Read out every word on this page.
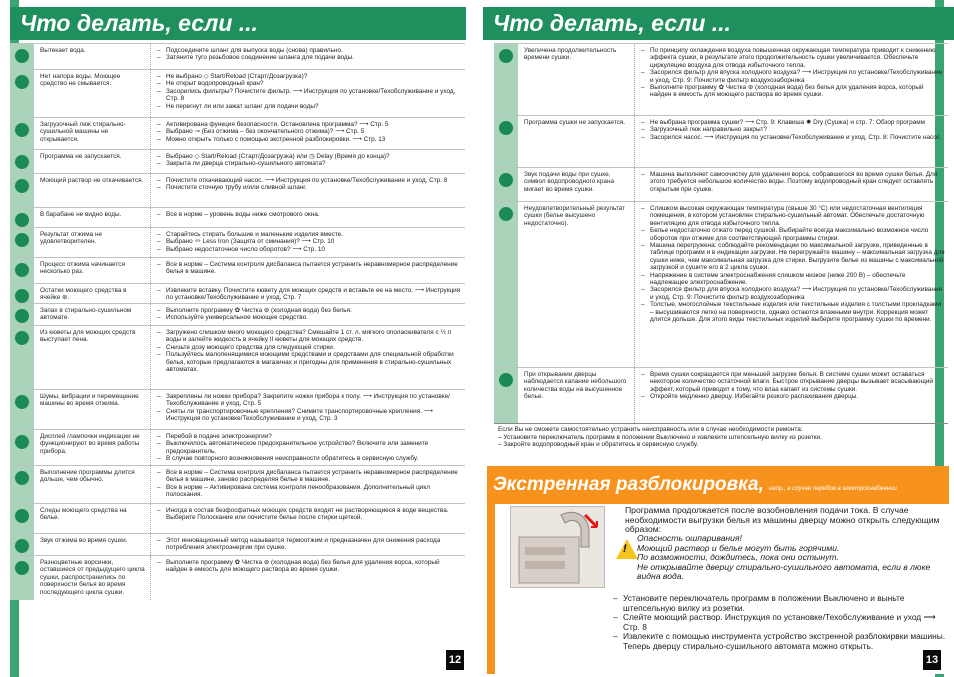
Что делать, если ...
Вытекает вода.	– Подсоедините шланг для выпуска воды (снова) правильно.
– Затяните туго резьбовое соединение шланга для подачи воды.
Нет напора воды. Моющее средство не смывается.
– Не выбрано ◇ Start/Reload (Старт/Дозагрузка)?
– Не открыт водопроводный кран?
– Засорились фильтры? Почистите фильтр. ⟶ Инструкция по установке/Техобслуживание и уход, Стр. 8
– Не перегнут ли или зажат шланг для подачи воды?
Загрузочный люк стирально-сушильной машины не открывается.
– Активирована функция безопасности. Остановлена программа? ⟶ Стр. 5
– Выбрано ⊸ (Без отжима – без окончательного отжима)? ⟶ Стр. 5
– Можно открыть только с помощью экстренной разблокировки. ⟶ Стр. 13
Программа не запускается.	– Выбрано ◇ Start/Reload (Старт/Дозагрузка) или ◷ Delay (Время до конца)?
– Закрыта ли дверца стирально-сушильного автомата?
Моющий раствор не откачивается.	– Почистите откачивающий насос. ⟶ Инструкция по установке/Техобслуживание и уход, Стр. 8
– Почистите сточную трубу и/или сливной шланг.
В барабане не видно воды.	– Все в норме – уровень воды ниже смотрового окна.
Результат отжима не удовлетворителен.
– Старайтесь стирать большие и маленькие изделия вместе.
– Выбрано ⏛ Less Iron (Защита от сминания)? ⟶ Стр. 10
– Выбрано недостаточное число оборотов? ⟶ Стр. 10
Процесс отжима начинается несколько раз.
– Все в норме – Система контроля дисбаланса пытается устранить неравномерное распределение белья в машине.
Остатки моющего средства в ячейке ⊛.
– Извлеките вставку. Почистите кювету для моющих средств и вставьте ее на место. ⟶ Инструкция по установке/Техобслуживание и уход, Стр. 7
Запах в стирально-сушильном автомате.
– Выполните программу ✿ Чистка ⊛ (холодная вода) без белья.
– Используйте универсальное моющее средство.
Из кюветы для моющих средств выступает пена.
– Загружено слишком много моющего средства? Смешайте 1 ст. л. мягкого ополаскивателя с ½ л воды и залейте жидкость в ячейку II кюветы для моющих средств.
– Снизьте дозу моющего средства для следующей стирки.
– Пользуйтесь малопенящимися моющими средствами и средствами для специальной обработки белья, которые предлагаются в магазинах и пригодны для применения в стирально-сушильных автоматах.
Шумы, вибрации и перемещение машины во время отжима.
– Закреплены ли ножки прибора? Закрепите ножки прибора к полу. ⟶ Инструкция по установке/Техобслуживание и уход, Стр. 5
– Сняты ли транспортировочные крепления? Снимите транспортировочные крепления. ⟶ Инструкция по установке/Техобслуживание и уход, Стр. 3
Дисплей /лампочки индикации не функционируют во время работы прибора.
– Перебой в подаче электроэнергии?
– Выключилось автоматическое предохранительное устройство? Включите или замените предохранитель.
– В случае повторного возникновения неисправности обратитесь в сервисную службу.
Выполнение программы длится дольше, чем обычно.
– Все в норме – Система контроля дисбаланса пытается устранить неравномерное распределение белья в машине, заново распределяя белье в машине.
– Все в норме – Активирована система контроля пенообразования. Дополнительный цикл полоскания.
Следы моющего средства на белье.
– Иногда в состав безфосфатных моющих средств входят не растворяющиеся в воде вещества. Выберите Полоскание или почистите белье после стирки щеткой.
Звук отжима во время сушки.	– Этот инновационный метод называется термоотжим и предназначен для снижения расхода потребления электроэнергии при сушке.
Разноцветные ворсинки, оставшиеся от предыдущего цикла сушки, распространились по поверхности белья во время последующего цикла сушки.
– Выполните программу ✿ Чистка ⊛ (холодная вода) без белья для удаления ворса, который найден в емкость для моющего раствора во время сушки.
12
Что делать, если ...
Увеличена продолжительность времени сушки.
– По принципу охлаждения воздуха повышенная окружающая температура приводит к снижению эффекта сушки, в результате этого продолжительность сушки увеличивается. Обеспечьте циркуляцию воздуха для отвода избыточного тепла.
– Засорился фильтр для впуска холодного воздуха? ⟶ Инструкция по установке/Техобслуживание и уход, Стр. 9: Почистите фильтр воздухозаборника
– Выполните программу ✿ Чистка ⊛ (холодная вода) без белья для удаления ворса, который найден в емкость для моющего раствора во время сушки.
Программа сушки не запускается.	– Не выбрана программа сушки? ⟶ Стр. 9: Клавиша ✹ Dry (Сушка) и стр. 7: Обзор программ
– Загрузочный люк направильно закрыт?
– Засорился насос. ⟶ Инструкция по установке/Техобслуживание и уход, Стр. 8: Почистите насос
Звук подачи воды при сушке, символ водопроводного крана мигает во время сушки.
– Машина выполняет самоочистку для удаления ворса, собравшегося во время сушки белья. Для этого требуется небольшое количество воды. Поэтому водопроводный кран следует оставлять открытым при сушке.
Неудовлетворительный результат сушки (белье высушено недостаточно).
– Слишком высокая окружающая температура (свыше 30 °C) или недостаточная вентиляция помещения, в котором установлен стирально-сушильный автомат. Обеспечьте достаточную вентиляцию для отвода избыточного тепла.
– Белье недостаточно отжато перед сушкой. Выбирайте всегда максимально возможное число оборотов при отжиме для соответствующей программы стирки.
– Машина перегружена: соблюдайте рекомендации по максимальной загрузке, приведенные в таблице программ и в индикации загрузки. Не перегружайте машину – максимальная загрузка для сушки ниже, чем максимальная загрузка для стирки. Выгрузите белье из машины с максимальной загрузкой и сушите его в 2 цикла сушки.
– Напряжение в системе электроснабжения слишком низкое (ниже 200 В) – обеспечьте надлежащее электроснабжение.
– Засорился фильтр для впуска холодного воздуха? ⟶ Инструкция по установке/Техобслуживание и уход, Стр. 9: Почистите фильтр воздухозаборника
– Толстые, многослойные текстильные изделия или текстильные изделия с толстыми прокладками – высушиваются легко на поверхности, однако остаются влажными внутри. Коррекция может длится дольше. Для этого виды текстильных изделий выберите программу сушки по времени.
При открывании дверцы наблюдается капание небольшого количества воды на высушенное белье.
– Время сушки сокращается при меньшей загрузке белья. В системе сушки может оставаться некоторое количество остаточной влаги. Быстрое открывание дверцы вызывает всасывающий эффект, который приводит к тому, что влаа капает из системы сушки.
– Откройте медленно дверцу. Избегайте резкого распахивания дверцы.
Если Вы не сможете самостоятельно устранить неисправность или в случае необходимости ремонта:
– Установите переключатель программ в положении Выключено и извлеките штепсельную вилку из розетки.
– Закройте водопроводный кран и обратитесь в сервисную службу.
Экстренная разблокировка, напр., в случае перебоя в электроснабжении
Программа продолжается после возобновления подачи тока. В случае необходимости выгрузки белья из машины дверцу можно открыть следующим образом:
!
Опасность ошпаривания!
Моющий раствор и белье могут быть горячими.
По возможности, дождитесь, пока они остынут.
Не открывайте дверцу стирально-сушильного автомата, если в люке видна вода.
– Установите переключатель программ в положении Выключено и выньте штепсельную вилку из розетки.
– Слейте моющий раствор. Инструкция по установке/Техобслуживание и уход ⟶ Стр. 8
– Извлеките с помощью инструмента устройство экстренной разблокирвки машины. Теперь дверцу стирально-сушильного автомата можно открыть.
13
